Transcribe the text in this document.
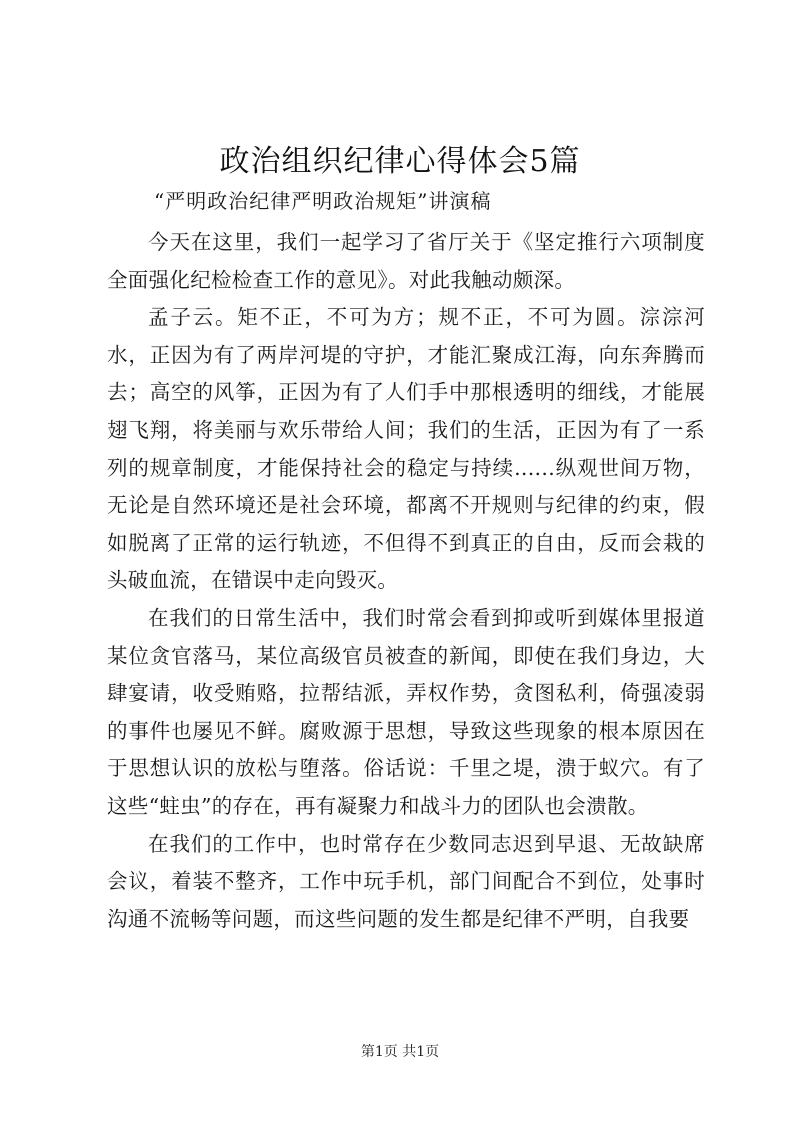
政治组织纪律心得体会5篇
“严明政治纪律严明政治规矩”讲演稿

今天在这里，我们一起学习了省厅关于《坚定推行六项制度全面强化纪检检查工作的意见》。对此我触动颇深。

孟子云。矩不正，不可为方；规不正，不可为圆。淙淙河水，正因为有了两岸河堤的守护，才能汇聚成江海，向东奔腾而去；高空的风筝，正因为有了人们手中那根透明的细线，才能展翅飞翔，将美丽与欢乐带给人间；我们的生活，正因为有了一系列的规章制度，才能保持社会的稳定与持续......纵观世间万物，无论是自然环境还是社会环境，都离不开规则与纪律的约束，假如脱离了正常的运行轨迹，不但得不到真正的自由，反而会栽的头破血流，在错误中走向毁灭。

在我们的日常生活中，我们时常会看到抑或听到媒体里报道某位贪官落马，某位高级官员被查的新闻，即使在我们身边，大肆宴请，收受贿赂，拉帮结派，弄权作势，贪图私利，倚强凌弱的事件也屡见不鲜。腐败源于思想，导致这些现象的根本原因在于思想认识的放松与堕落。俗话说：千里之堤，溃于蚁穴。有了这些“蛀虫”的存在，再有凝聚力和战斗力的团队也会溃散。

在我们的工作中，也时常存在少数同志迟到早退、无故缺席会议，着装不整齐，工作中玩手机，部门间配合不到位，处事时沟通不流畅等问题，而这些问题的发生都是纪律不严明，自我要

第1页 共1页
